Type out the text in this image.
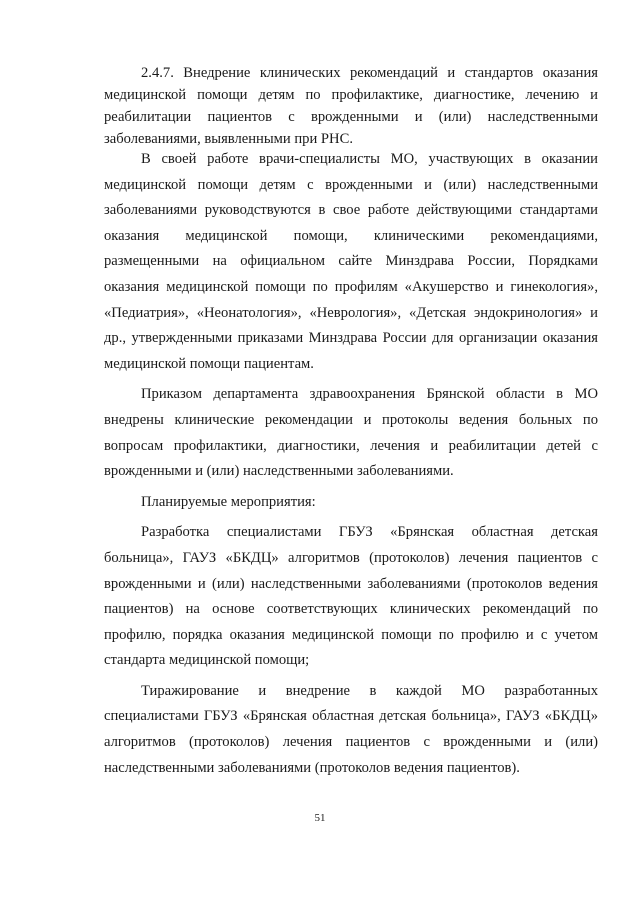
2.4.7. Внедрение клинических рекомендаций и стандартов оказания медицинской помощи детям по профилактике, диагностике, лечению и реабилитации пациентов с врожденными и (или) наследственными заболеваниями, выявленными при РНС.

В своей работе врачи-специалисты МО, участвующих в оказании медицинской помощи детям с врожденными и (или) наследственными заболеваниями руководствуются в свое работе действующими стандартами оказания медицинской помощи, клиническими рекомендациями, размещенными на официальном сайте Минздрава России, Порядками оказания медицинской помощи по профилям «Акушерство и гинекология», «Педиатрия», «Неонатология», «Неврология», «Детская эндокринология» и др., утвержденными приказами Минздрава России для организации оказания медицинской помощи пациентам.

Приказом департамента здравоохранения Брянской области в МО внедрены клинические рекомендации и протоколы ведения больных по вопросам профилактики, диагностики, лечения и реабилитации детей с врожденными и (или) наследственными заболеваниями.

Планируемые мероприятия:

Разработка специалистами ГБУЗ «Брянская областная детская больница», ГАУЗ «БКДЦ» алгоритмов (протоколов) лечения пациентов с врожденными и (или) наследственными заболеваниями (протоколов ведения пациентов) на основе соответствующих клинических рекомендаций по профилю, порядка оказания медицинской помощи по профилю и с учетом стандарта медицинской помощи;

Тиражирование и внедрение в каждой МО разработанных специалистами ГБУЗ «Брянская областная детская больница», ГАУЗ «БКДЦ» алгоритмов (протоколов) лечения пациентов с врожденными и (или) наследственными заболеваниями (протоколов ведения пациентов).

51
